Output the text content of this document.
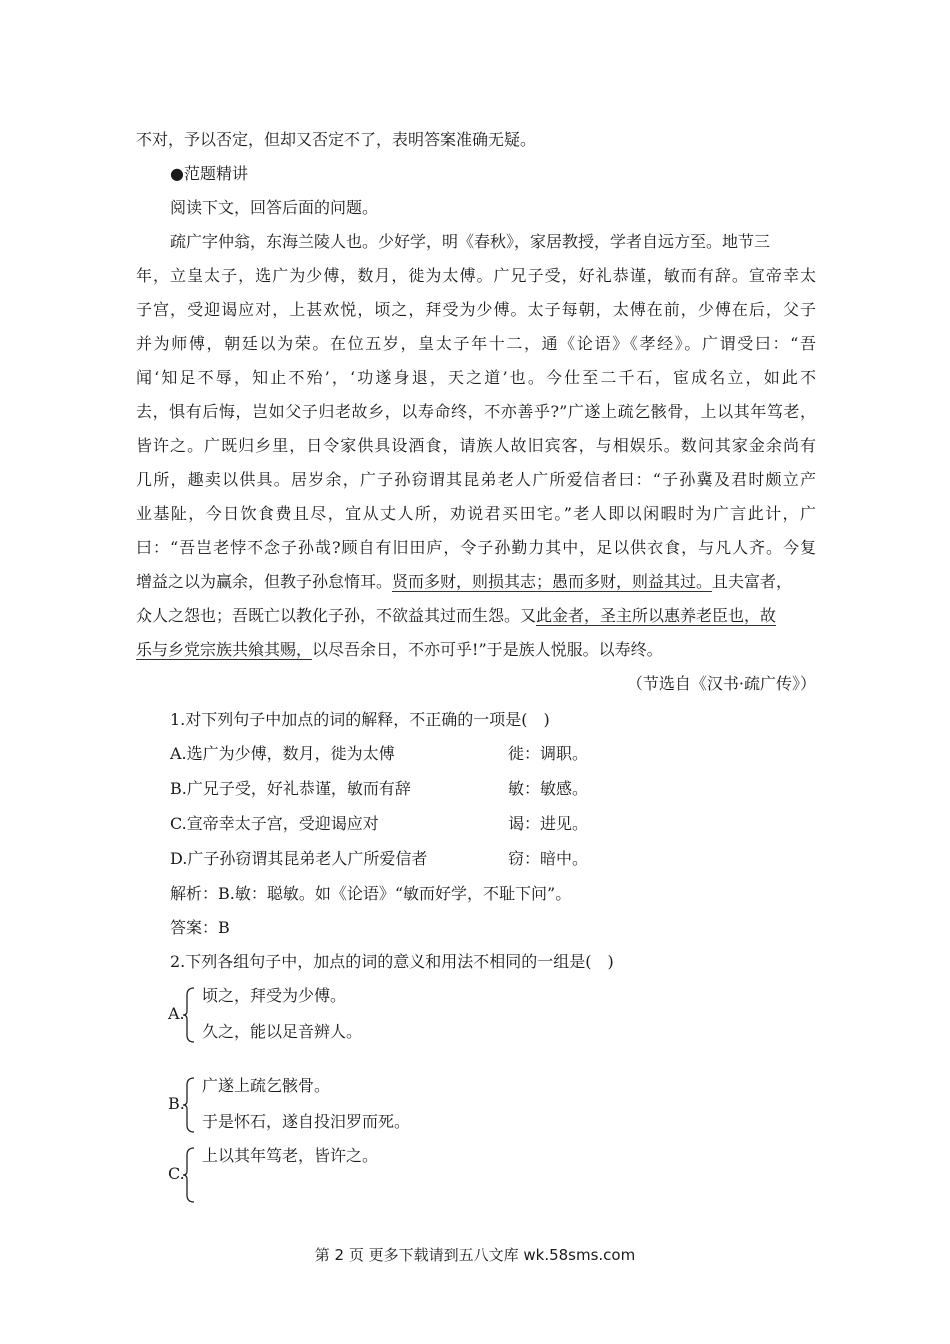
不对，予以否定，但却又否定不了，表明答案准确无疑。
●范题精讲
阅读下文，回答后面的问题。
疏广字仲翁，东海兰陵人也。少好学，明《春秋》，家居教授，学者自远方至。地节三
年，立皇太子，选广为少傅，数月，徙为太傅。广兄子受，好礼恭谨，敏而有辞。宣帝幸太
子宫，受迎谒应对，上甚欢悦，顷之，拜受为少傅。太子每朝，太傅在前，少傅在后，父子
并为师傅，朝廷以为荣。在位五岁，皇太子年十二，通《论语》《孝经》。广谓受曰：“吾
闻‘知足不辱，知止不殆’，‘功遂身退，天之道’也。今仕至二千石，宦成名立，如此不
去，惧有后悔，岂如父子归老故乡，以寿命终，不亦善乎?”广遂上疏乞骸骨，上以其年笃老，
皆许之。广既归乡里，日令家供具设酒食，请族人故旧宾客，与相娱乐。数问其家金余尚有
几所，趣卖以供具。居岁余，广子孙窃谓其昆弟老人广所爱信者曰：“子孙冀及君时颇立产
业基阯，今日饮食费且尽，宜从丈人所，劝说君买田宅。”老人即以闲暇时为广言此计，广
曰：“吾岂老悖不念子孙哉?顾自有旧田庐，令子孙勤力其中，足以供衣食，与凡人齐。今复
增益之以为赢余，但教子孙怠惰耳。贤而多财，则损其志；愚而多财，则益其过。且夫富者，
众人之怨也；吾既亡以教化子孙，不欲益其过而生怨。又此金者，圣主所以惠养老臣也，故
乐与乡党宗族共飨其赐，以尽吾余日，不亦可乎!”于是族人悦服。以寿终。
（节选自《汉书·疏广传》）
1.对下列句子中加点的词的解释，不正确的一项是(　)
A.选广为少傅，数月，徙为太傅	徙：调职。
B.广兄子受，好礼恭谨，敏而有辞	敏：敏感。
C.宣帝幸太子宫，受迎谒应对	谒：进见。
D.广子孙窃谓其昆弟老人广所爱信者	窃：暗中。
解析：B.敏：聪敏。如《论语》“敏而好学，不耻下问”。
答案：B
2.下列各组句子中，加点的词的意义和用法不相同的一组是(　)
A.
顷之，拜受为少傅。
久之，能以足音辨人。
B.
广遂上疏乞骸骨。
于是怀石，遂自投汨罗而死。
C.
上以其年笃老，皆许之。
第 2 页 更多下载请到五八文库 wk.58sms.com
